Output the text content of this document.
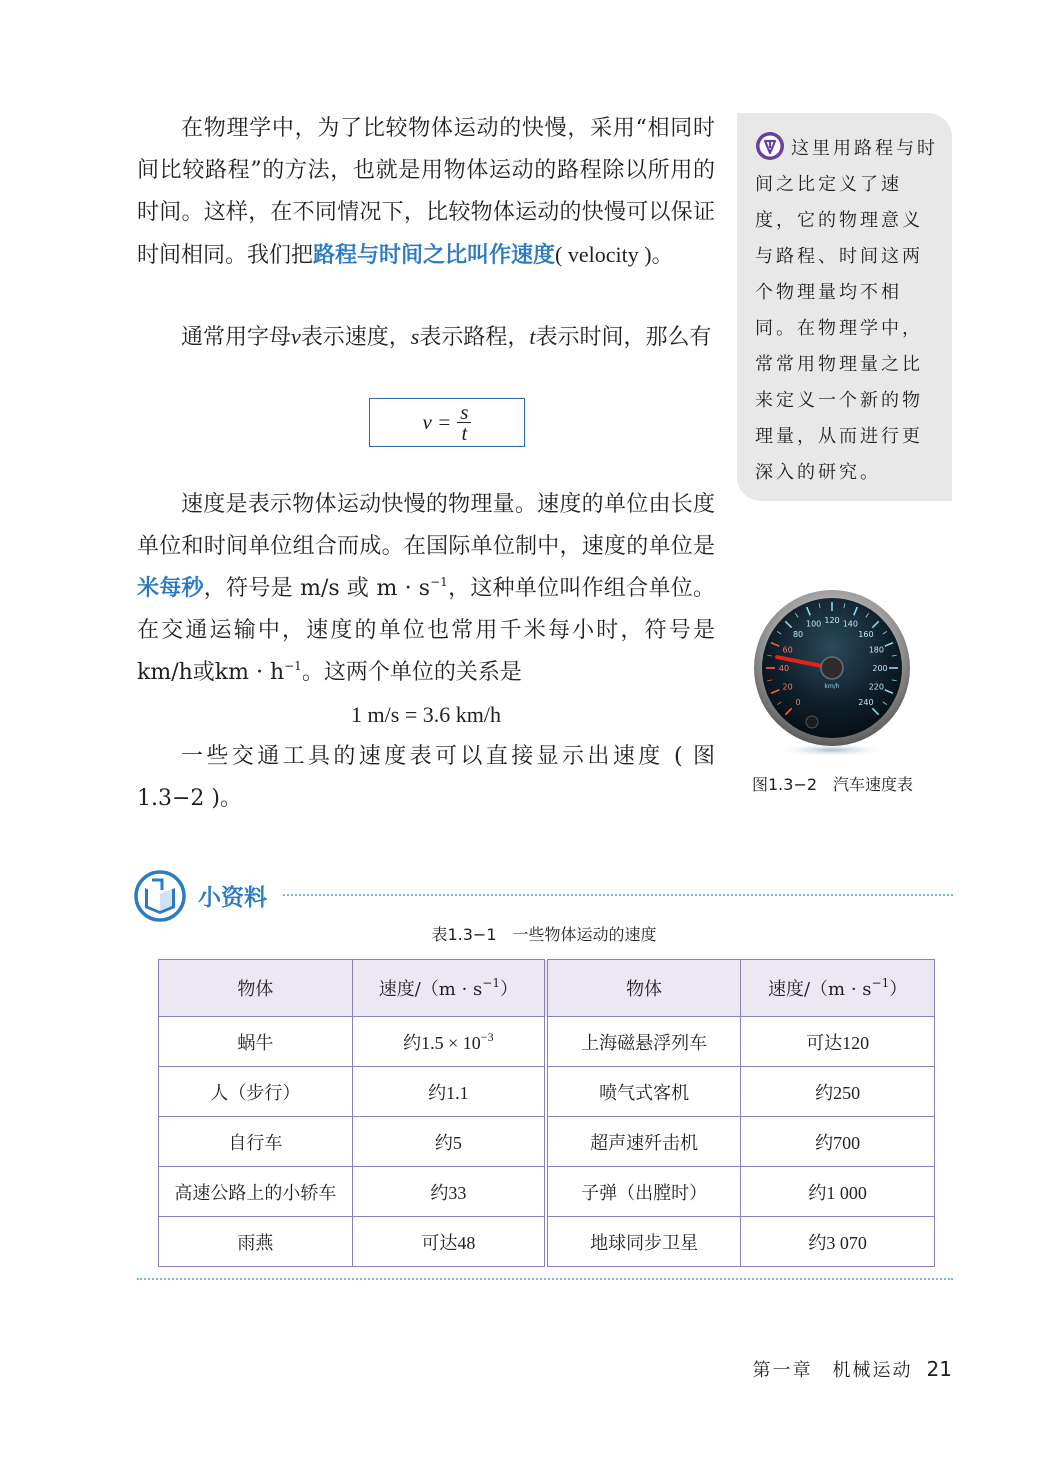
在物理学中，为了比较物体运动的快慢，采用“相同时间比较路程”的方法，也就是用物体运动的路程除以所用的时间。这样，在不同情况下，比较物体运动的快慢可以保证时间相同。我们把路程与时间之比叫作速度( velocity )。

通常用字母v表示速度，s表示路程，t表示时间，那么有

$v = \frac{s}{t}$

速度是表示物体运动快慢的物理量。速度的单位由长度单位和时间单位组合而成。在国际单位制中，速度的单位是米每秒，符号是 m/s 或 $m \cdot s^{-1}$，这种单位叫作组合单位。在交通运输中，速度的单位也常用千米每小时，符号是km/h或km · $h^{-1}$。这两个单位的关系是

1 m/s = 3.6 km/h

一些交通工具的速度表可以直接显示出速度 ( 图 1.3−2 )。

这里用路程与时间之比定义了速度，它的物理意义与路程、时间这两个物理量均不相同。在物理学中，常常用物理量之比来定义一个新的物理量，从而进行更深入的研究。

0
20
40
60
80
100 120 140
160
180
200
220
240
km/h
图1.3−2　汽车速度表
小资料
表1.3−1　一些物体运动的速度
物体	速度$/(m \cdot s^{-1})$	物体	速度$/(m \cdot s^{-1})$
蜗牛	约$1.5 \times 10^{-3}$	上海磁悬浮列车	可达120
人（步行）	约1.1	喷气式客机	约250
自行车	约5	超声速歼击机	约700
高速公路上的小轿车	约33	子弹（出膛时）	约1 000
雨燕	可达48	地球同步卫星	约3 070
第一章　机械运动 21
